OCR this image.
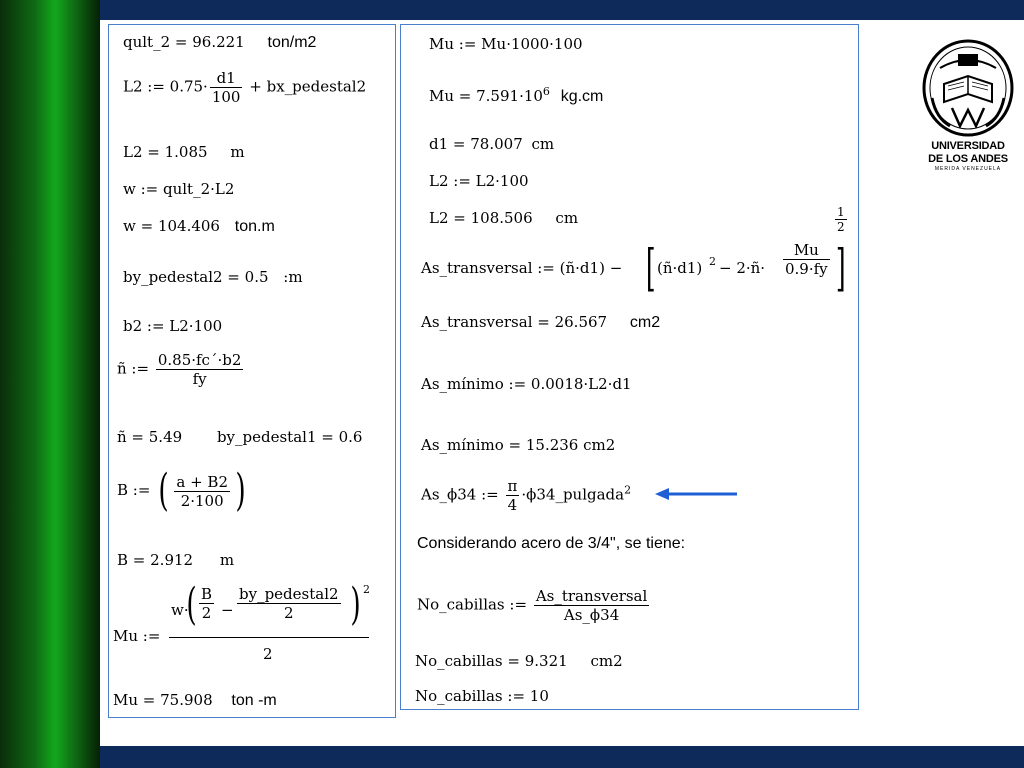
qult_2 = 96.221 ton/m2
L2 := $0.75\cdot \frac{d1}{100}$ + bx_pedestal2
L2 = 1.085 m
w := qult_2·L2
w = 104.406 ton.m
by_pedestal2 = 0.5 :m
b2 := L2·100
ñ := $\frac{0.85\cdot fc´\cdot b2}{fy}$
ñ = 5.49 by_pedestal1 = 0.6
B := ( $\frac{a + B2}{2\cdot 100}$ )
B = 2.912 m
Mu :=
w·
( $\frac{B}{2}$ −
by_pedestal2
2	) 2
2
Mu = 75.908 ton -m
Mu := Mu·1000·100
$Mu = 7.591\cdot 10^6$ kg.cm
d1 = 78.007 cm
L2 := L2·100
L2 = 108.506 cm
As_transversal := (ñ·d1) − [ (ñ·d1) 2 − 2·ñ· $\frac{Mu}{0.9\cdot fy}$ ]
$\frac{1}{2}$
As_transversal = 26.567 cm2
As_mínimo := 0.0018·L2·d1
As_mínimo = 15.236 cm2
As_ϕ34 := $\frac{\pi}{4}$ ·ϕ34_pulgada$^2$
Considerando acero de 3/4", se tiene:
No_cabillas := $\frac{\text{As\_transversal}}{As\_\phi 34}$
No_cabillas = 9.321 cm2
No_cabillas := 10
UNIVERSIDAD
DE LOS ANDES
MERIDA VENEZUELA
